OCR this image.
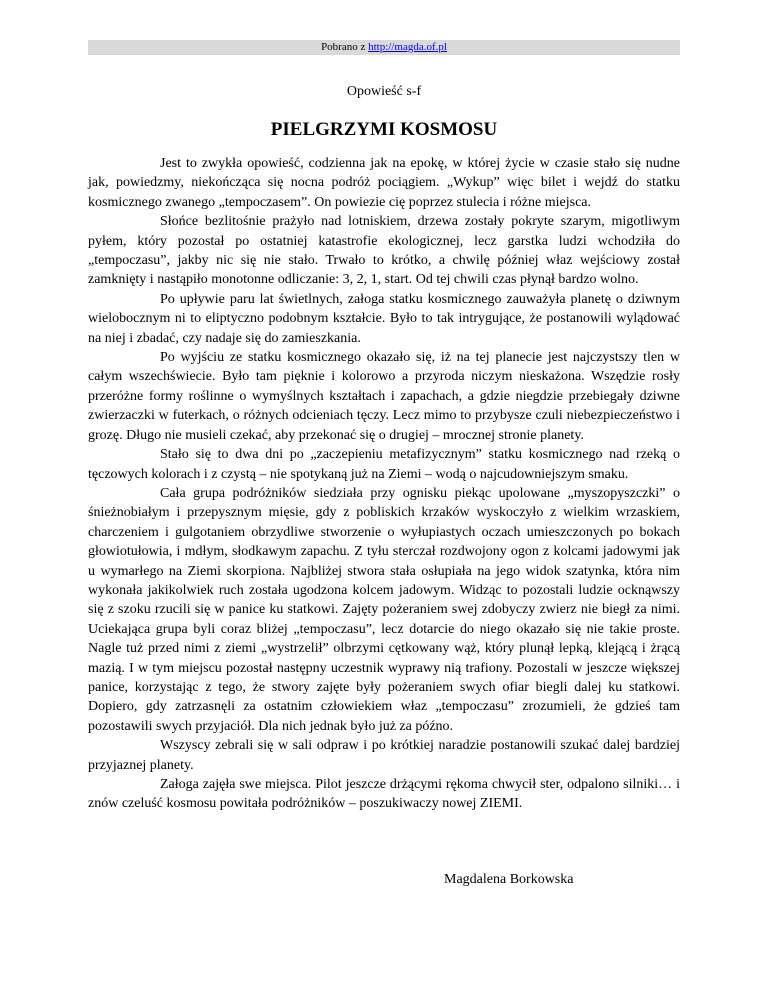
Pobrano z http://magda.of.pl

Opowieść s-f

PIELGRZYMI KOSMOSU

Jest to zwykła opowieść, codzienna jak na epokę, w której życie w czasie stało się nudne jak, powiedzmy, niekończąca się nocna podróż pociągiem. „Wykup” więc bilet i wejdź do statku kosmicznego zwanego „tempoczasem”. On powiezie cię poprzez stulecia i różne miejsca.

Słońce bezlitośnie prażyło nad lotniskiem, drzewa zostały pokryte szarym, migotliwym pyłem, który pozostał po ostatniej katastrofie ekologicznej, lecz garstka ludzi wchodziła do „tempoczasu”, jakby nic się nie stało. Trwało to krótko, a chwilę później właz wejściowy został zamknięty i nastąpiło monotonne odliczanie: 3, 2, 1, start. Od tej chwili czas płynął bardzo wolno.

Po upływie paru lat świetlnych, załoga statku kosmicznego zauważyła planetę o dziwnym wielobocznym ni to eliptyczno podobnym kształcie. Było to tak intrygujące, że postanowili wylądować na niej i zbadać, czy nadaje się do zamieszkania.

Po wyjściu ze statku kosmicznego okazało się, iż na tej planecie jest najczystszy tlen w całym wszechświecie. Było tam pięknie i kolorowo a przyroda niczym nieskażona. Wszędzie rosły przeróżne formy roślinne o wymyślnych kształtach i zapachach, a gdzie niegdzie przebiegały dziwne zwierzaczki w futerkach, o różnych odcieniach tęczy. Lecz mimo to przybysze czuli niebezpieczeństwo i grozę. Długo nie musieli czekać, aby przekonać się o drugiej – mrocznej stronie planety.

Stało się to dwa dni po „zaczepieniu metafizycznym” statku kosmicznego nad rzeką o tęczowych kolorach i z czystą – nie spotykaną już na Ziemi – wodą o najcudowniejszym smaku.

Cała grupa podróżników siedziała przy ognisku piekąc upolowane „myszopyszczki” o śnieżnobiałym i przepysznym mięsie, gdy z pobliskich krzaków wyskoczyło z wielkim wrzaskiem, charczeniem i gulgotaniem obrzydliwe stworzenie o wyłupiastych oczach umieszczonych po bokach głowiotułowia, i mdłym, słodkawym zapachu. Z tyłu sterczał rozdwojony ogon z kolcami jadowymi jak u wymarłego na Ziemi skorpiona. Najbliżej stwora stała osłupiała na jego widok szatynka, która nim wykonała jakikolwiek ruch została ugodzona kolcem jadowym. Widząc to pozostali ludzie ocknąwszy się z szoku rzucili się w panice ku statkowi. Zajęty pożeraniem swej zdobyczy zwierz nie biegł za nimi. Uciekająca grupa byli coraz bliżej „tempoczasu”, lecz dotarcie do niego okazało się nie takie proste. Nagle tuż przed nimi z ziemi „wystrzelił” olbrzymi cętkowany wąż, który plunął lepką, klejącą i żrącą mazią. I w tym miejscu pozostał następny uczestnik wyprawy nią trafiony. Pozostali w jeszcze większej panice, korzystając z tego, że stwory zajęte były pożeraniem swych ofiar biegli dalej ku statkowi. Dopiero, gdy zatrzasnęli za ostatnim człowiekiem właz „tempoczasu” zrozumieli, że gdzieś tam pozostawili swych przyjaciół. Dla nich jednak było już za późno.

Wszyscy zebrali się w sali odpraw i po krótkiej naradzie postanowili szukać dalej bardziej przyjaznej planety.

Załoga zajęła swe miejsca. Pilot jeszcze drżącymi rękoma chwycił ster, odpalono silniki… i znów czeluść kosmosu powitała podróżników – poszukiwaczy nowej ZIEMI.

Magdalena Borkowska
